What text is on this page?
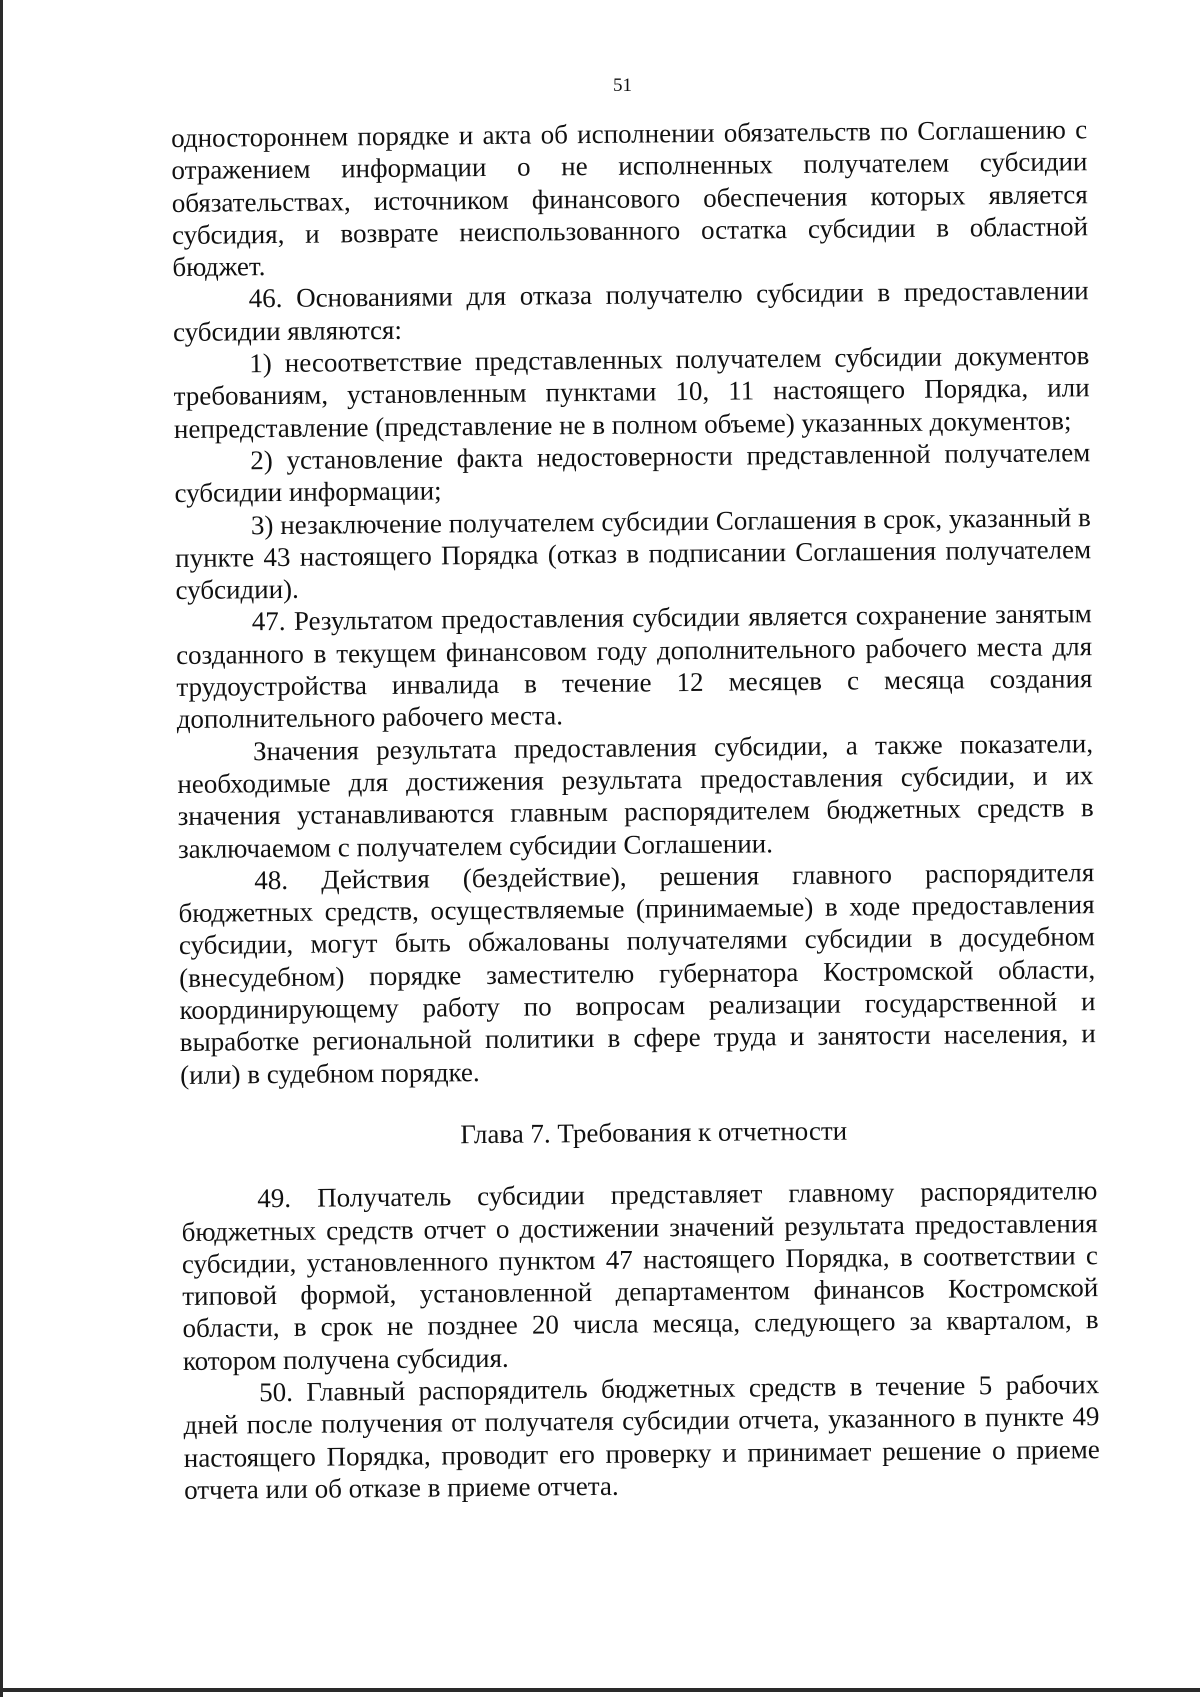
51

одностороннем порядке и акта об исполнении обязательств по Соглашению с отражением информации о не исполненных получателем субсидии обязательствах, источником финансового обеспечения которых является субсидия, и возврате неиспользованного остатка субсидии в областной бюджет.

46. Основаниями для отказа получателю субсидии в предоставлении субсидии являются:

1) несоответствие представленных получателем субсидии документов требованиям, установленным пунктами 10, 11 настоящего Порядка, или непредставление (представление не в полном объеме) указанных документов;

2) установление факта недостоверности представленной получателем субсидии информации;

3) незаключение получателем субсидии Соглашения в срок, указанный в пункте 43 настоящего Порядка (отказ в подписании Соглашения получателем субсидии).

47. Результатом предоставления субсидии является сохранение занятым созданного в текущем финансовом году дополнительного рабочего места для трудоустройства инвалида в течение 12 месяцев с месяца создания дополнительного рабочего места.

Значения результата предоставления субсидии, а также показатели, необходимые для достижения результата предоставления субсидии, и их значения устанавливаются главным распорядителем бюджетных средств в заключаемом с получателем субсидии Соглашении.

48. Действия (бездействие), решения главного распорядителя бюджетных средств, осуществляемые (принимаемые) в ходе предоставления субсидии, могут быть обжалованы получателями субсидии в досудебном (внесудебном) порядке заместителю губернатора Костромской области, координирующему работу по вопросам реализации государственной и выработке региональной политики в сфере труда и занятости населения, и (или) в судебном порядке.

Глава 7. Требования к отчетности

49. Получатель субсидии представляет главному распорядителю бюджетных средств отчет о достижении значений результата предоставления субсидии, установленного пунктом 47 настоящего Порядка, в соответствии с типовой формой, установленной департаментом финансов Костромской области, в срок не позднее 20 числа месяца, следующего за кварталом, в котором получена субсидия.

50. Главный распорядитель бюджетных средств в течение 5 рабочих дней после получения от получателя субсидии отчета, указанного в пункте 49 настоящего Порядка, проводит его проверку и принимает решение о приеме отчета или об отказе в приеме отчета.
